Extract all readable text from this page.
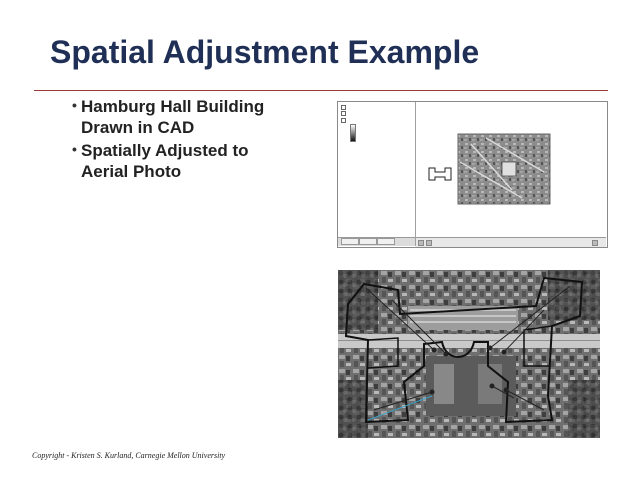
Spatial Adjustment Example
• Hamburg Hall Building
Drawn in CAD
• Spatially Adjusted to
Aerial Photo
Copyright - Kristen S. Kurland, Carnegie Mellon University
